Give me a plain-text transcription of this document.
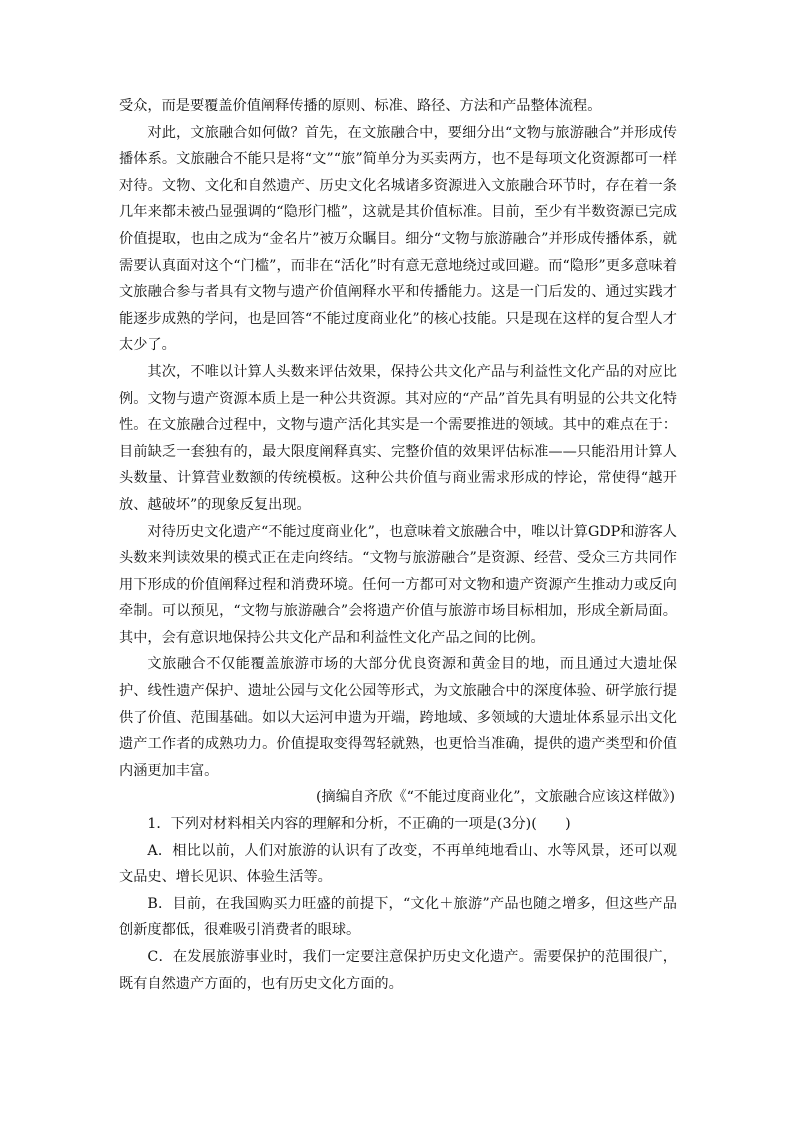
受众，而是要覆盖价值阐释传播的原则、标准、路径、方法和产品整体流程。

对此，文旅融合如何做？首先，在文旅融合中，要细分出“文物与旅游融合”并形成传播体系。文旅融合不能只是将“文”“旅”简单分为买卖两方，也不是每项文化资源都可一样对待。文物、文化和自然遗产、历史文化名城诸多资源进入文旅融合环节时，存在着一条几年来都未被凸显强调的“隐形门槛”，这就是其价值标准。目前，至少有半数资源已完成价值提取，也由之成为“金名片”被万众瞩目。细分“文物与旅游融合”并形成传播体系，就需要认真面对这个“门槛”，而非在“活化”时有意无意地绕过或回避。而“隐形”更多意味着文旅融合参与者具有文物与遗产价值阐释水平和传播能力。这是一门后发的、通过实践才能逐步成熟的学问，也是回答“不能过度商业化”的核心技能。只是现在这样的复合型人才太少了。

其次，不唯以计算人头数来评估效果，保持公共文化产品与利益性文化产品的对应比例。文物与遗产资源本质上是一种公共资源。其对应的“产品”首先具有明显的公共文化特性。在文旅融合过程中，文物与遗产活化其实是一个需要推进的领域。其中的难点在于：目前缺乏一套独有的，最大限度阐释真实、完整价值的效果评估标准——只能沿用计算人头数量、计算营业数额的传统模板。这种公共价值与商业需求形成的悖论，常使得“越开放、越破坏”的现象反复出现。

对待历史文化遗产“不能过度商业化”，也意味着文旅融合中，唯以计算GDP和游客人头数来判读效果的模式正在走向终结。“文物与旅游融合”是资源、经营、受众三方共同作用下形成的价值阐释过程和消费环境。任何一方都可对文物和遗产资源产生推动力或反向牵制。可以预见，“文物与旅游融合”会将遗产价值与旅游市场目标相加，形成全新局面。其中，会有意识地保持公共文化产品和利益性文化产品之间的比例。

文旅融合不仅能覆盖旅游市场的大部分优良资源和黄金目的地，而且通过大遗址保护、线性遗产保护、遗址公园与文化公园等形式，为文旅融合中的深度体验、研学旅行提供了价值、范围基础。如以大运河申遗为开端，跨地域、多领域的大遗址体系显示出文化遗产工作者的成熟功力。价值提取变得驾轻就熟，也更恰当准确，提供的遗产类型和价值内涵更加丰富。

(摘编自齐欣《“不能过度商业化”，文旅融合应该这样做》)

1．下列对材料相关内容的理解和分析，不正确的一项是(3分)(　　)

A．相比以前，人们对旅游的认识有了改变，不再单纯地看山、水等风景，还可以观文品史、增长见识、体验生活等。

B．目前，在我国购买力旺盛的前提下，“文化＋旅游”产品也随之增多，但这些产品创新度都低，很难吸引消费者的眼球。

C．在发展旅游事业时，我们一定要注意保护历史文化遗产。需要保护的范围很广，既有自然遗产方面的，也有历史文化方面的。
